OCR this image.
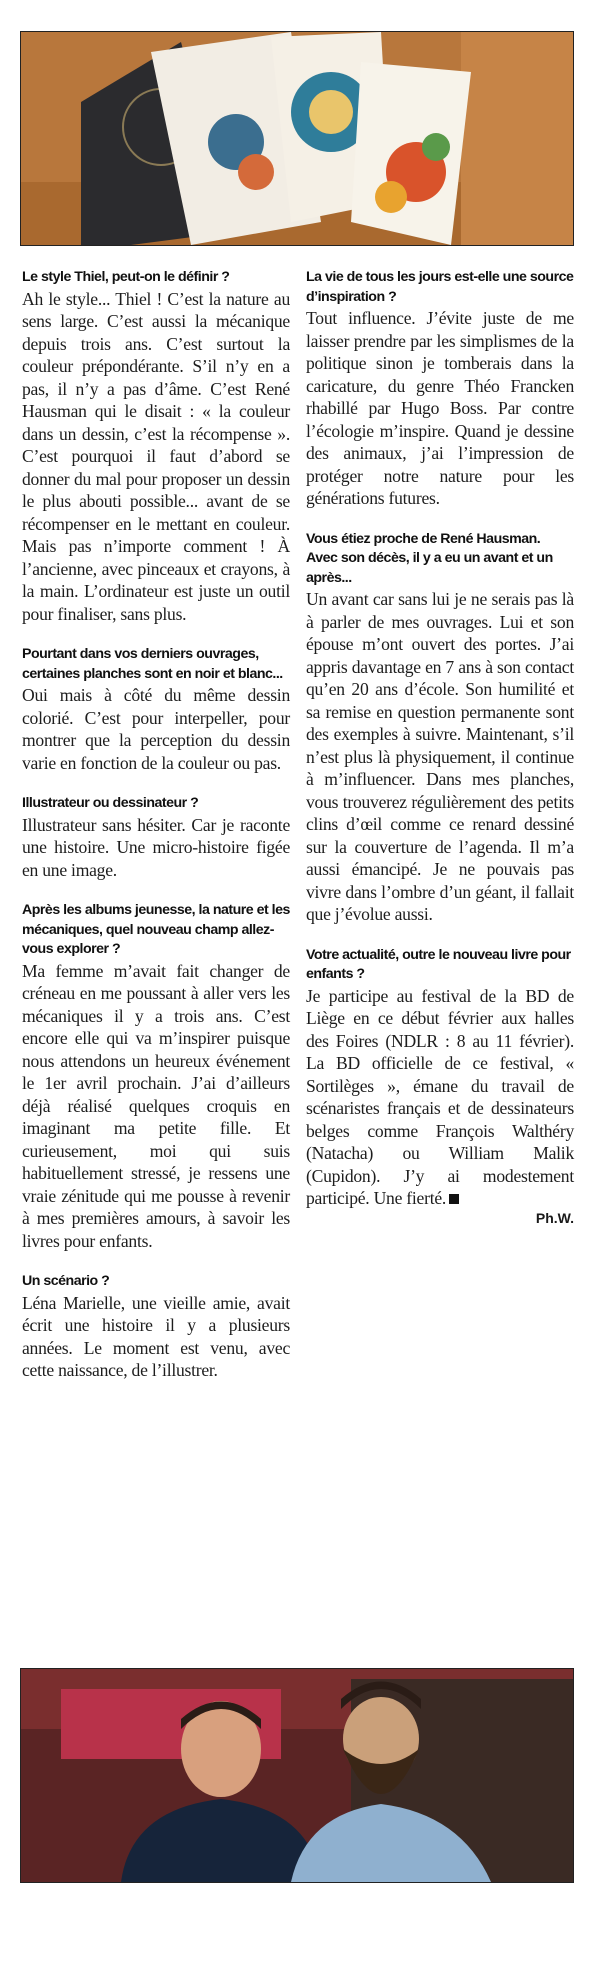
Le style Thiel, peut-on le définir ?

Ah le style... Thiel ! C’est la nature au sens large. C’est aussi la mécanique depuis trois ans. C’est surtout la couleur prépondérante. S’il n’y en a pas, il n’y a pas d’âme. C’est René Hausman qui le disait : « la couleur dans un dessin, c’est la récompense ». C’est pourquoi il faut d’abord se donner du mal pour proposer un dessin le plus abouti possible... avant de se récompenser en le mettant en couleur. Mais pas n’importe comment ! À l’ancienne, avec pinceaux et crayons, à la main. L’ordinateur est juste un outil pour finaliser, sans plus.

Pourtant dans vos derniers ouvrages, certaines planches sont en noir et blanc...

Oui mais à côté du même dessin colorié. C’est pour interpeller, pour montrer que la perception du dessin varie en fonction de la couleur ou pas.

Illustrateur ou dessinateur ?

Illustrateur sans hésiter. Car je raconte une histoire. Une micro-histoire figée en une image.

Après les albums jeunesse, la nature et les mécaniques, quel nouveau champ allez-vous explorer ?

Ma femme m’avait fait changer de créneau en me poussant à aller vers les mécaniques il y a trois ans. C’est encore elle qui va m’inspirer puisque nous attendons un heureux événement le 1er avril prochain. J’ai d’ailleurs déjà réalisé quelques croquis en imaginant ma petite fille. Et curieusement, moi qui suis habituellement stressé, je ressens une vraie zénitude qui me pousse à revenir à mes premières amours, à savoir les livres pour enfants.

Un scénario ?

Léna Marielle, une vieille amie, avait écrit une histoire il y a plusieurs années. Le moment est venu, avec cette naissance, de l’illustrer.

La vie de tous les jours est-elle une source d’inspiration ?

Tout influence. J’évite juste de me laisser prendre par les simplismes de la politique sinon je tomberais dans la caricature, du genre Théo Francken rhabillé par Hugo Boss. Par contre l’écologie m’inspire. Quand je dessine des animaux, j’ai l’impression de protéger notre nature pour les générations futures.

Vous étiez proche de René Hausman. Avec son décès, il y a eu un avant et un après...

Un avant car sans lui je ne serais pas là à parler de mes ouvrages. Lui et son épouse m’ont ouvert des portes. J’ai appris davantage en 7 ans à son contact qu’en 20 ans d’école. Son humilité et sa remise en question permanente sont des exemples à suivre. Maintenant, s’il n’est plus là physiquement, il continue à m’influencer. Dans mes planches, vous trouverez régulièrement des petits clins d’œil comme ce renard dessiné sur la couverture de l’agenda. Il m’a aussi émancipé. Je ne pouvais pas vivre dans l’ombre d’un géant, il fallait que j’évolue aussi.

Votre actualité, outre le nouveau livre pour enfants ?

Je participe au festival de la BD de Liège en ce début février aux halles des Foires (NDLR : 8 au 11 février). La BD officielle de ce festival, « Sortilèges », émane du travail de scénaristes français et de dessinateurs belges comme François Walthéry (Natacha) ou William Malik (Cupidon). J’y ai modestement participé. Une fierté.

Ph.W.
